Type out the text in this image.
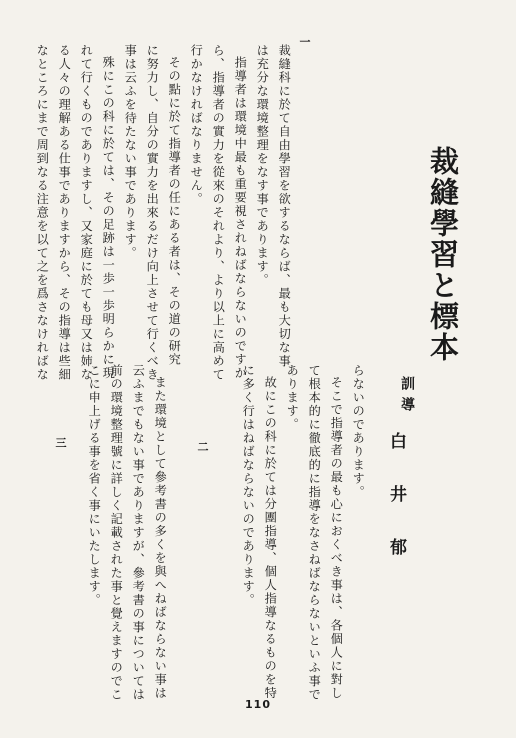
裁縫學習と標本
訓導
白井郁
一
二
三
裁縫科に於て自由學習を欲するならば、最も大切な事
は充分な環境整理をなす事であります。
指導者は環境中最も重要視されねばならないのですか
ら、指導者の實力を從來のそれより、より以上に高めて
行かなければなりません。
その點に於て指導者の任にある者は、その道の研究
に努力し、自分の實力を出來るだけ向上させて行くべき
事は云ふを待たない事であります。
殊にこの科に於ては、その足跡は一歩一歩明らかに現
れて行くものでありますし、又家庭に於ても母又は姉な
る人々の理解ある仕事でありますから、その指導は些細
なところにまで周到なる注意を以て之を爲さなければな
らないのであります。
そこで指導者の最も心におくべき事は、各個人に對し
て根本的に徹底的に指導をなさねばならないといふ事で
あります。
故にこの科に於ては分團指導、個人指導なるものを特
に多く行はねばならないのであります。
また環境として參考書の多くを與へねばならない事は
云ふまでもない事でありますが、參考書の事については
前の環境整理號に詳しく記載された事と覺えますのでこ
こに申上げる事を省く事にいたします。
110
